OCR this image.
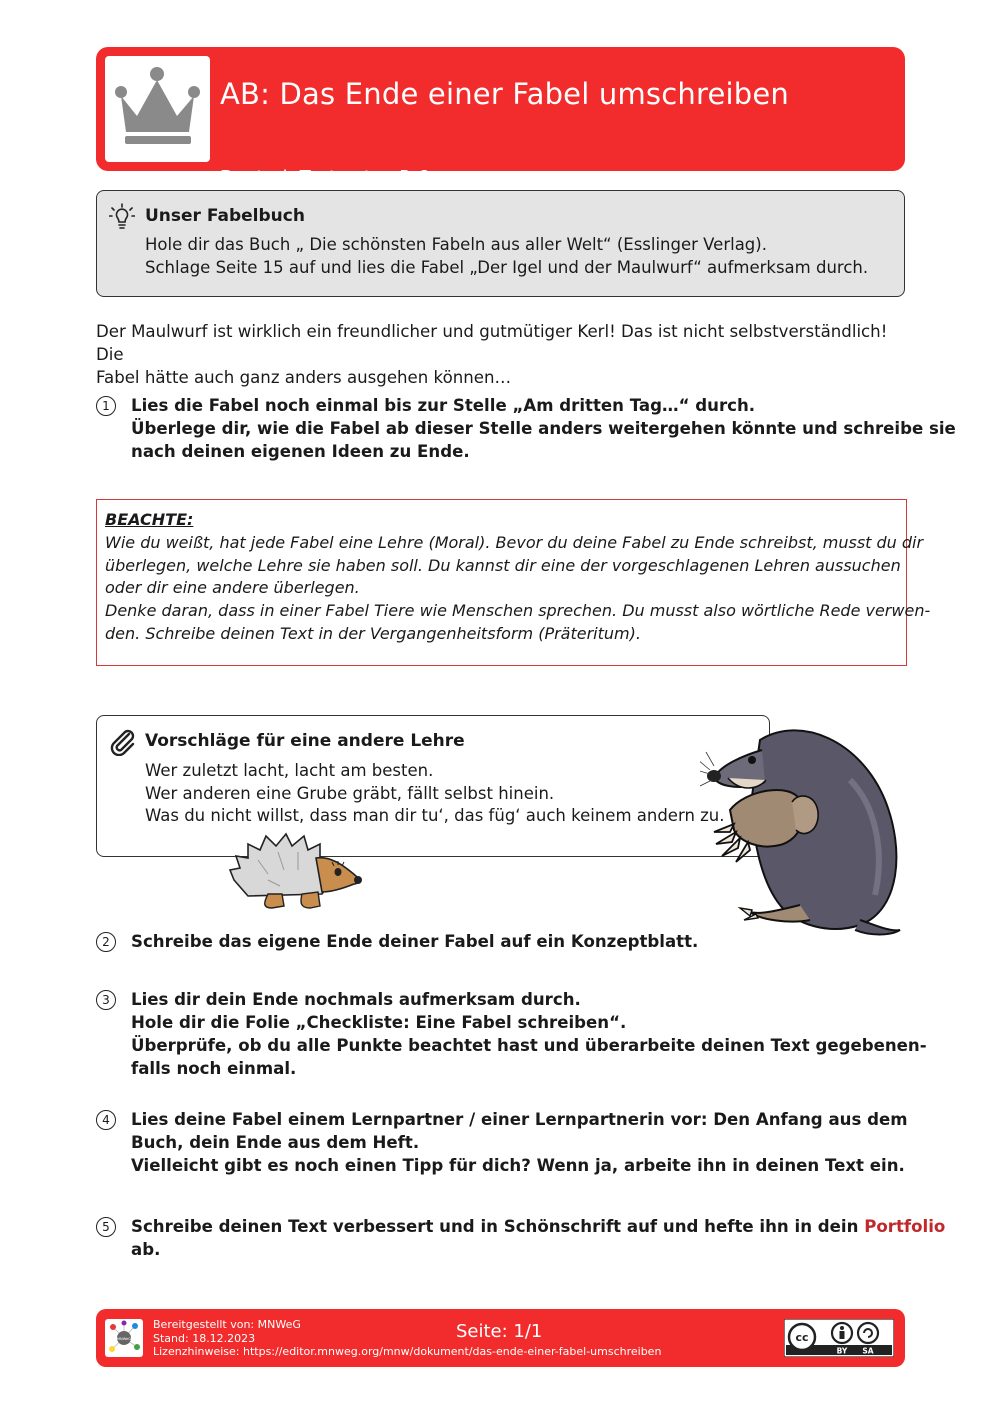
AB: Das Ende einer Fabel umschreiben
Deutsch Textsorten R 6
Unser Fabelbuch
Hole dir das Buch „ Die schönsten Fabeln aus aller Welt“ (Esslinger Verlag).
Schlage Seite 15 auf und lies die Fabel „Der Igel und der Maulwurf“ aufmerksam durch.
Der Maulwurf ist wirklich ein freundlicher und gutmütiger Kerl! Das ist nicht selbstverständlich! Die
Fabel hätte auch ganz anders ausgehen können…
1	Lies die Fabel noch einmal bis zur Stelle „Am dritten Tag…“ durch.
Überlege dir, wie die Fabel ab dieser Stelle anders weitergehen könnte und schreibe sie
nach deinen eigenen Ideen zu Ende.
BEACHTE:
Wie du weißt, hat jede Fabel eine Lehre (Moral). Bevor du deine Fabel zu Ende schreibst, musst du dir
überlegen, welche Lehre sie haben soll. Du kannst dir eine der vorgeschlagenen Lehren aussuchen
oder dir eine andere überlegen.
Denke daran, dass in einer Fabel Tiere wie Menschen sprechen. Du musst also wörtliche Rede verwen-
den. Schreibe deinen Text in der Vergangenheitsform (Präteritum).
Vorschläge für eine andere Lehre
Wer zuletzt lacht, lacht am besten.
Wer anderen eine Grube gräbt, fällt selbst hinein.
Was du nicht willst, dass man dir tu‘, das füg‘ auch keinem andern zu.
2	Schreibe das eigene Ende deiner Fabel auf ein Konzeptblatt.
3	Lies dir dein Ende nochmals aufmerksam durch.
Hole dir die Folie „Checkliste: Eine Fabel schreiben“.
Überprüfe, ob du alle Punkte beachtet hast und überarbeite deinen Text gegebenen-
falls noch einmal.
4	Lies deine Fabel einem Lernpartner / einer Lernpartnerin vor: Den Anfang aus dem
Buch, dein Ende aus dem Heft.
Vielleicht gibt es noch einen Tipp für dich? Wenn ja, arbeite ihn in deinen Text ein.
5	Schreibe deinen Text verbessert und in Schönschrift auf und hefte ihn in dein Portfolio
ab.
MNWeG
Bereitgestellt von: MNWeG
Stand: 18.12.2023
Lizenzhinweise: https://editor.mnweg.org/mnw/dokument/das-ende-einer-fabel-umschreiben
Seite: 1/1	cc
BY SA
